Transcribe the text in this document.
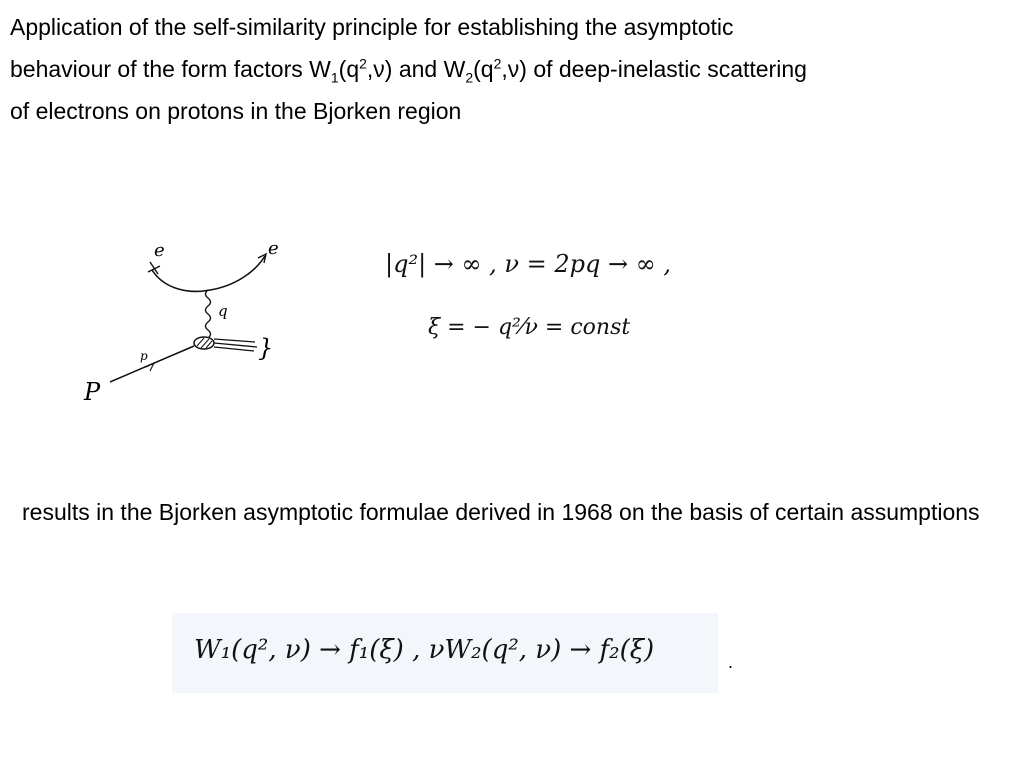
Application of the self-similarity principle for establishing the asymptotic
behaviour of the form factors $W_1(q^2,\nu)$ and $W_2(q^2,\nu)$ of deep-inelastic scattering
of electrons on protons in the Bjorken region
e	e
q
}
p
P
|q²| → ∞ , ν = 2pq → ∞ ,
ξ = − q²⁄ν = const

results in the Bjorken asymptotic formulae derived in 1968 on the basis of certain assumptions

W₁(q², ν) → f₁(ξ) , νW₂(q², ν) → f₂(ξ)	.
